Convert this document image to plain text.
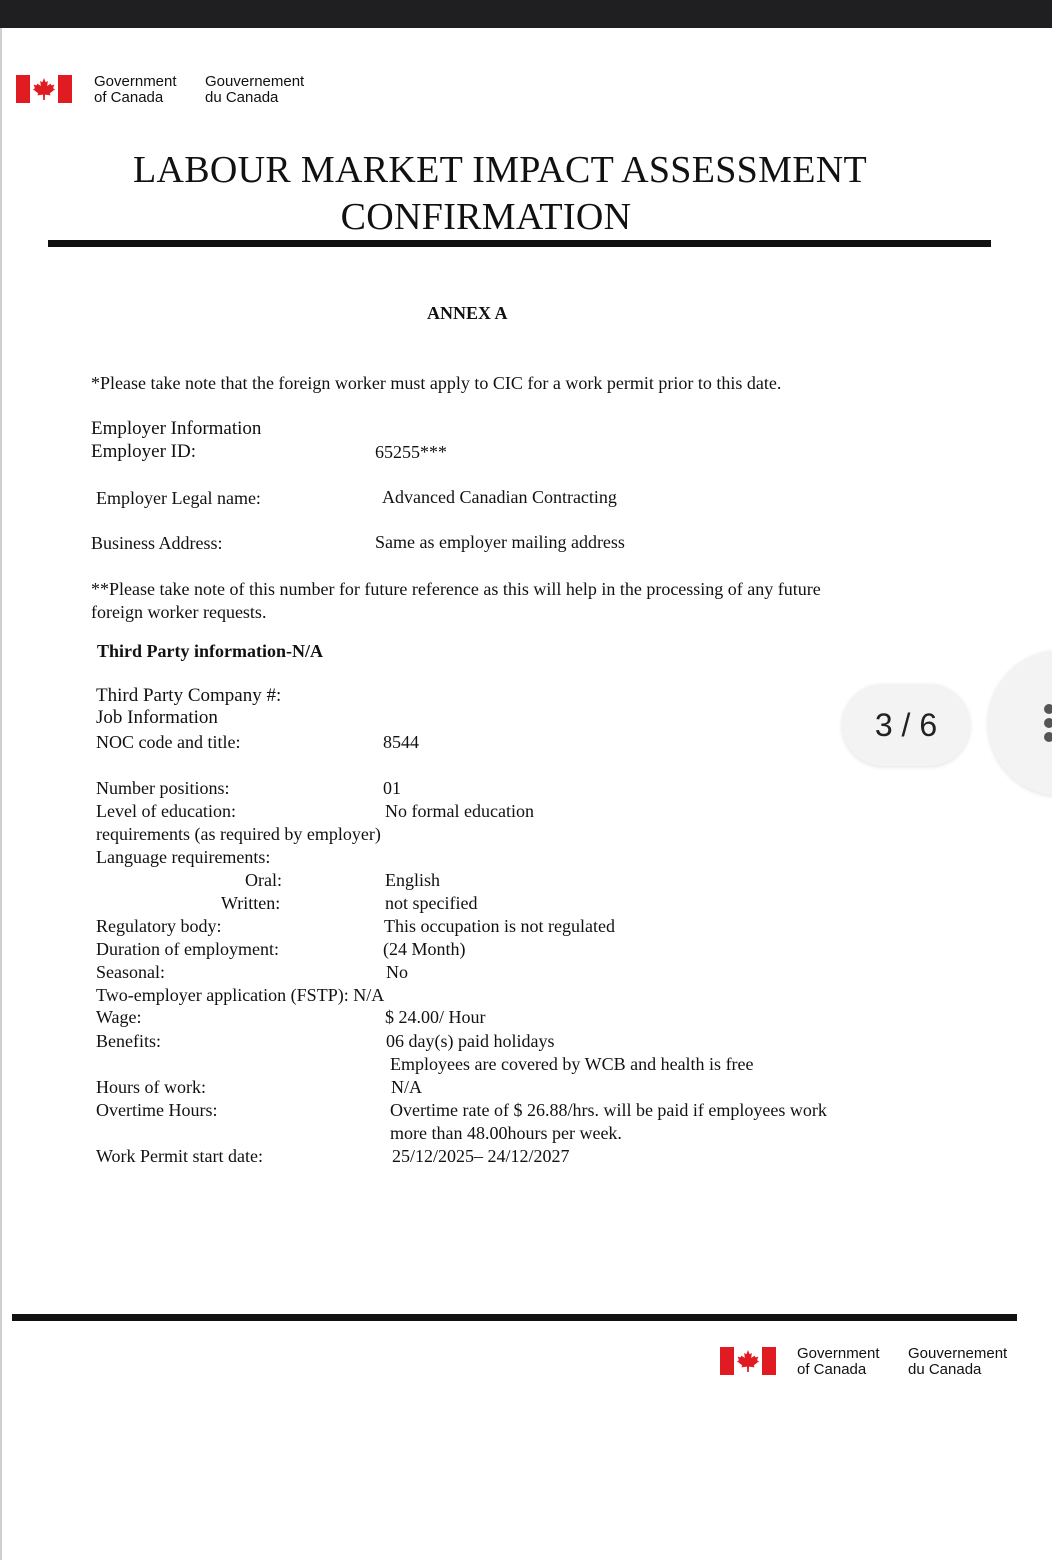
Government
of Canada
Gouvernement
du Canada
LABOUR MARKET IMPACT ASSESSMENT
CONFIRMATION
ANNEX A
*Please take note that the foreign worker must apply to CIC for a work permit prior to this date.
Employer Information
Employer ID:	65255***
Employer Legal name:	Advanced Canadian Contracting
Business Address:	Same as employer mailing address
**Please take note of this number for future reference as this will help in the processing of any future
foreign worker requests.
Third Party information-N/A
Third Party Company #:
Job Information
NOC code and title:	8544
Number positions:	01
Level of education:	No formal education
requirements (as required by employer)
Language requirements:
Oral:	English
Written:	not specified
Regulatory body:	This occupation is not regulated
Duration of employment:	(24 Month)
Seasonal:	No
Two-employer application (FSTP): N/A
Wage:	$ 24.00/ Hour
Benefits:	06 day(s) paid holidays
Employees are covered by WCB and health is free
Hours of work:	N/A
Overtime Hours:	Overtime rate of $ 26.88/hrs. will be paid if employees work
more than 48.00hours per week.
Work Permit start date:	25/12/2025– 24/12/2027
3 / 6
Government
of Canada
Gouvernement
du Canada
